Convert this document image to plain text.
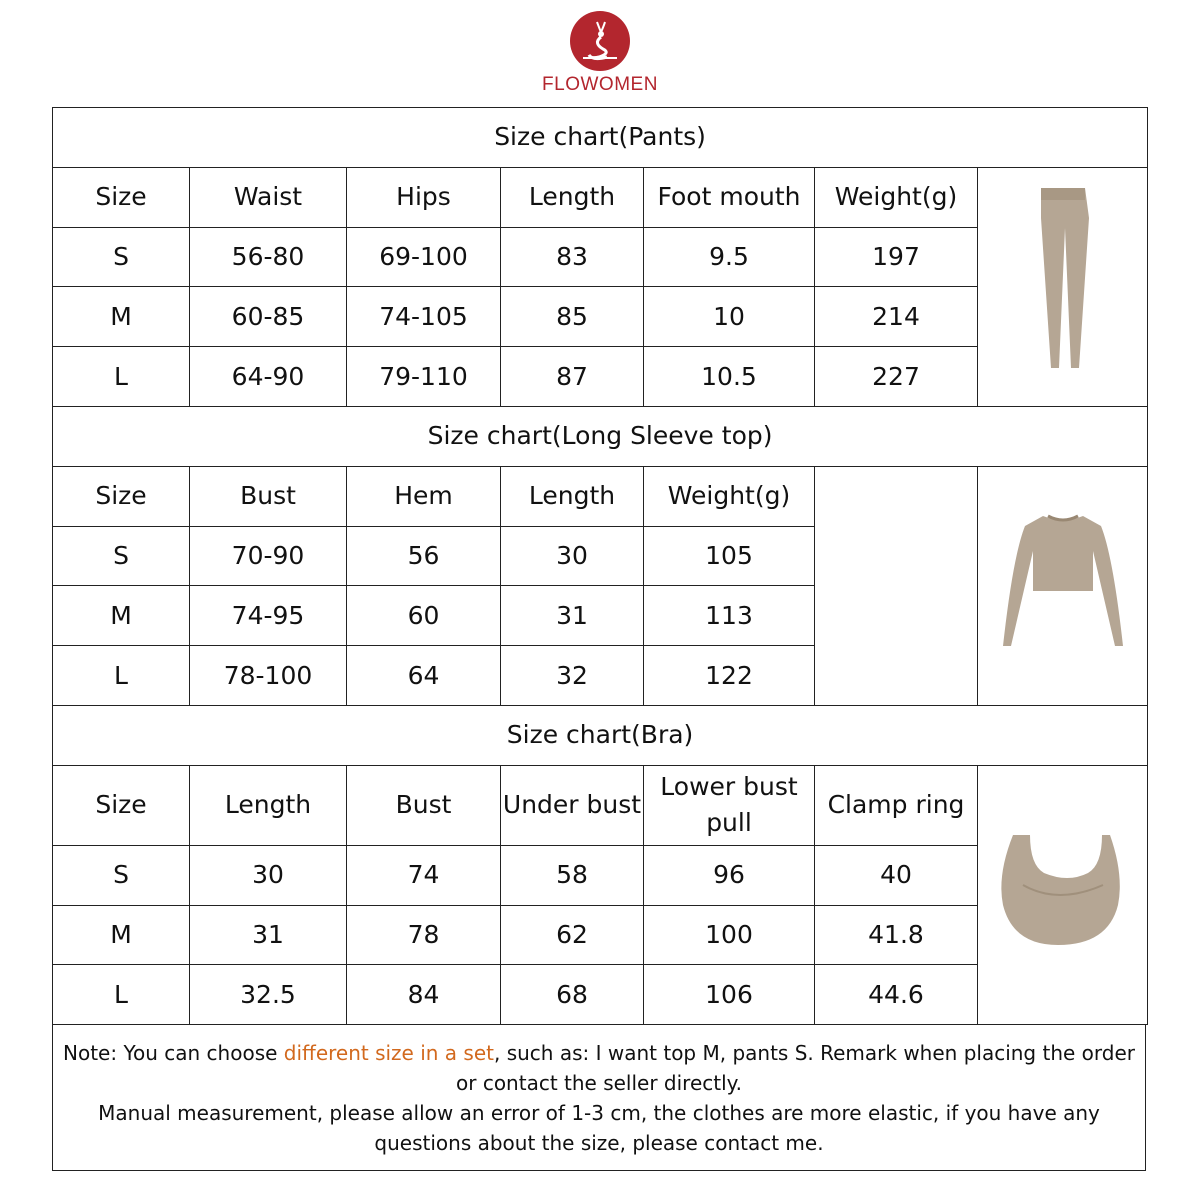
FLOWOMEN
Size chart(Pants)						
Size	Waist	Hips	Length	Foot mouth	Weight(g)	
S	56-80	69-100	83	9.5	197	
M	60-85	74-105	85	10	214	
L	64-90	79-110	87	10.5	227	
Size chart(Long Sleeve top)						
Size	Bust	Hem	Length	Weight(g)		
S	70-90	56	30	105		
M	74-95	60	31	113		
L	78-100	64	32	122		
Size chart(Bra)						
Size	Length	Bust	Under bust	Lower bust pull	Clamp ring	
S	30	74	58	96	40	
M	31	78	62	100	41.8	
L	32.5	84	68	106	44.6	
Note: You can choose different size in a set, such as: I want top M, pants S. Remark when placing the order or contact the seller directly.
Manual measurement, please allow an error of 1-3 cm, the clothes are more elastic, if you have any questions about the size, please contact me.
